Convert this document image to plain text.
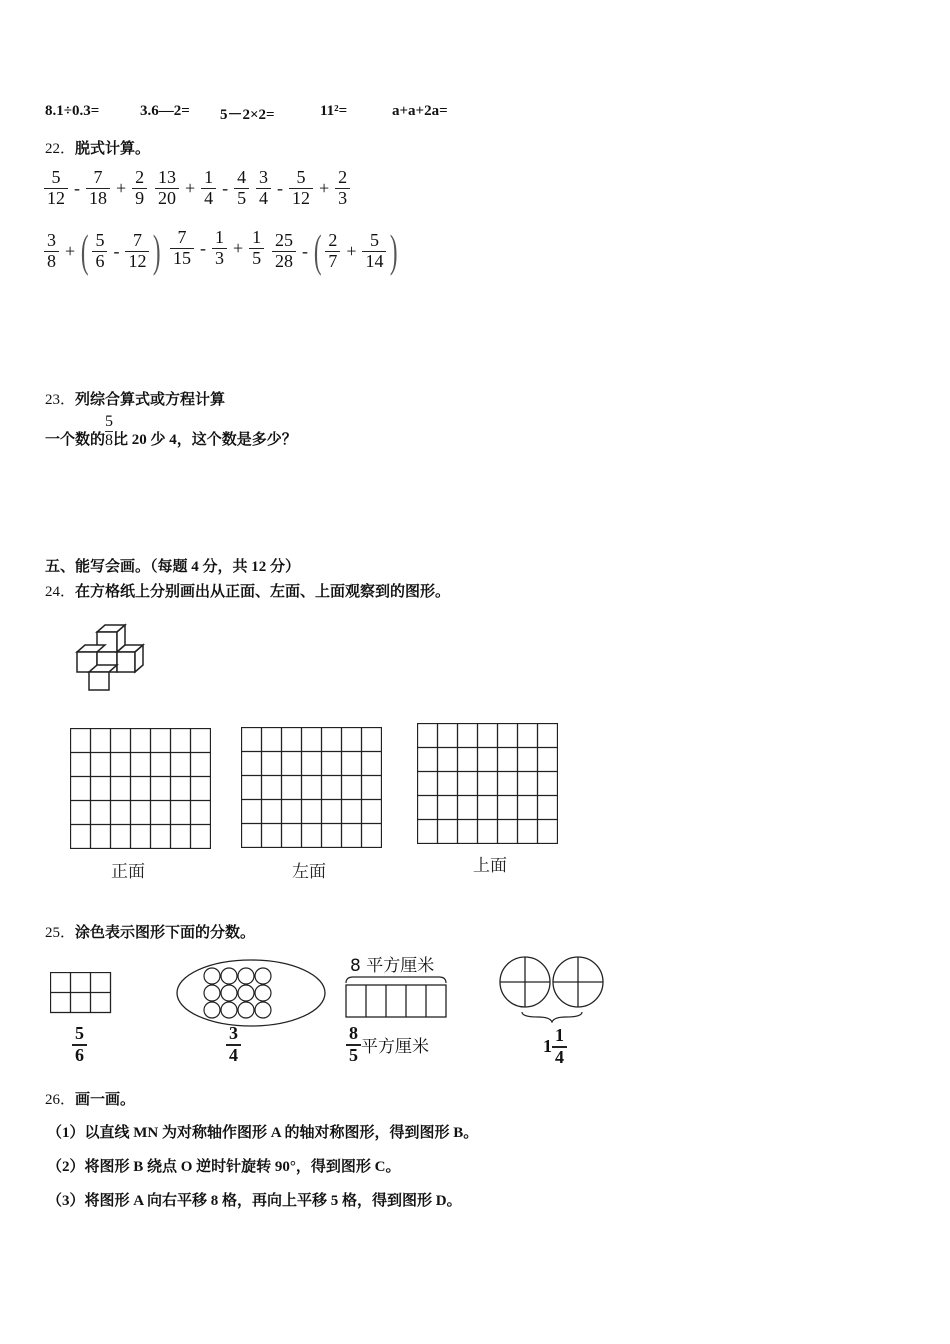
8.1÷0.3=	3.6—2= 5－2×2=	11²=	a+a+2a=
22．脱式计算。
$\frac{5}{12} - \frac{7}{18} + \frac{2}{9} \frac{13}{20} + \frac{1}{4} - \frac{4}{5} \frac{3}{4} - \frac{5}{12} + \frac{2}{3}$
$\frac{3}{8}$ + ( $\frac{5}{6} - \frac{7}{12}$ ) $\frac{7}{15} - \frac{1}{3} + \frac{1}{5} \frac{25}{28}$ - ( $\frac{2}{7} + \frac{5}{14}$ )
23．列综合算式或方程计算
一个数的 $\frac{5}{8}$ 比 20 少 4，这个数是多少？
五、能写会画。（每题 4 分，共 12 分）
24．在方格纸上分别画出从正面、左面、上面观察到的图形。
正面	左面	上面
25．涂色表示图形下面的分数。
$\frac{5}{6}$	$\frac{3}{4}$
8 平方厘米
$\frac{8}{5}$ 平方厘米	$1 \frac{1}{4}$
26．画一画。
（1）以直线 MN 为对称轴作图形 A 的轴对称图形，得到图形 B。
（2）将图形 B 绕点 O 逆时针旋转 90°，得到图形 C。
（3）将图形 A 向右平移 8 格，再向上平移 5 格，得到图形 D。
